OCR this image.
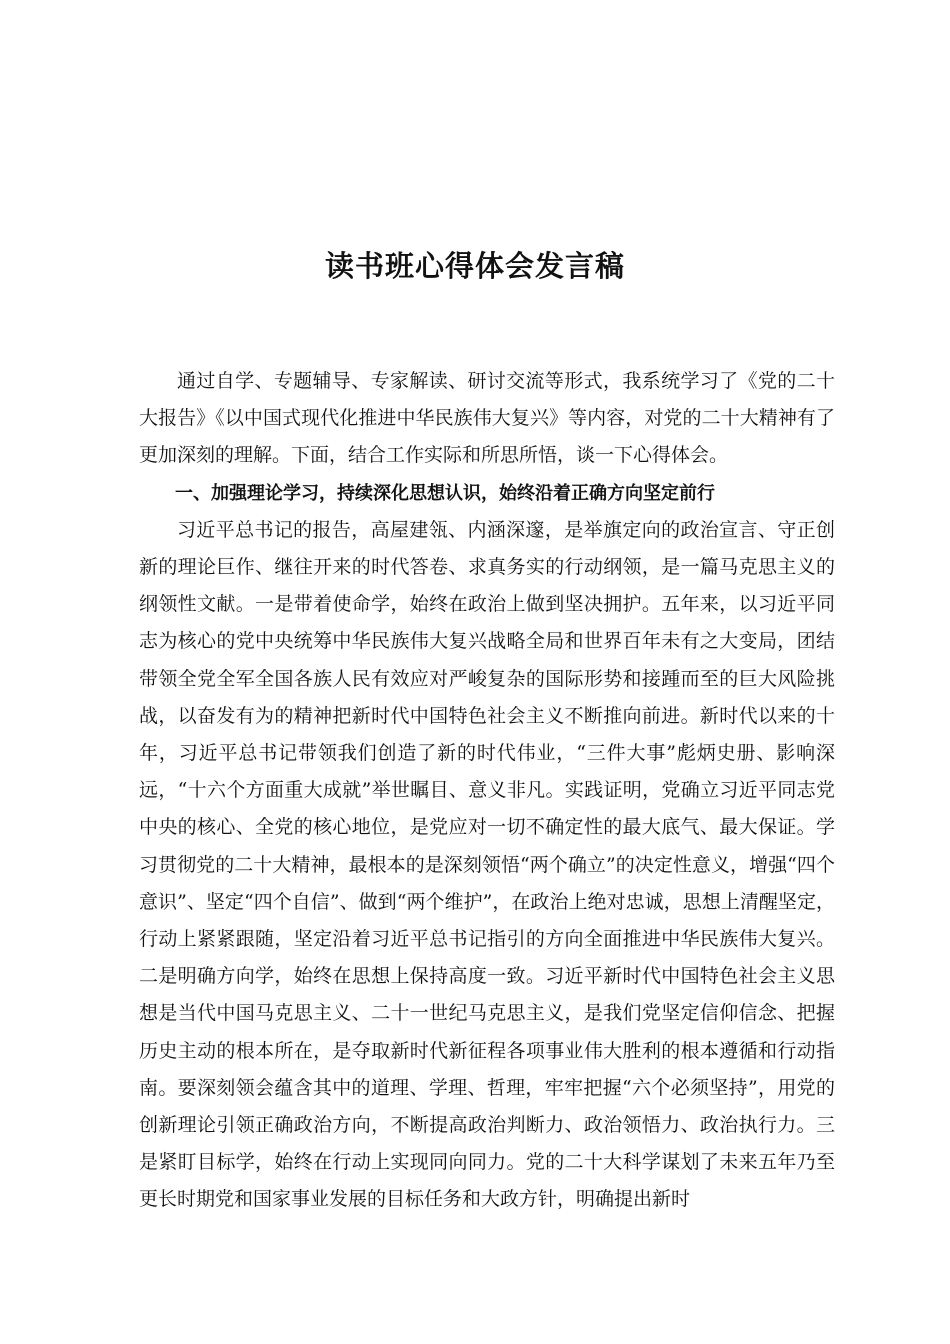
读书班心得体会发言稿

通过自学、专题辅导、专家解读、研讨交流等形式，我系统学习了《党的二十大报告》《以中国式现代化推进中华民族伟大复兴》等内容，对党的二十大精神有了更加深刻的理解。下面，结合工作实际和所思所悟，谈一下心得体会。

一、加强理论学习，持续深化思想认识，始终沿着正确方向坚定前行

习近平总书记的报告，高屋建瓴、内涵深邃，是举旗定向的政治宣言、守正创新的理论巨作、继往开来的时代答卷、求真务实的行动纲领，是一篇马克思主义的纲领性文献。一是带着使命学，始终在政治上做到坚决拥护。五年来，以习近平同志为核心的党中央统筹中华民族伟大复兴战略全局和世界百年未有之大变局，团结带领全党全军全国各族人民有效应对严峻复杂的国际形势和接踵而至的巨大风险挑战，以奋发有为的精神把新时代中国特色社会主义不断推向前进。新时代以来的十年，习近平总书记带领我们创造了新的时代伟业，“三件大事”彪炳史册、影响深远，“十六个方面重大成就”举世瞩目、意义非凡。实践证明，党确立习近平同志党中央的核心、全党的核心地位，是党应对一切不确定性的最大底气、最大保证。学习贯彻党的二十大精神，最根本的是深刻领悟“两个确立”的决定性意义，增强“四个意识”、坚定“四个自信”、做到“两个维护”，在政治上绝对忠诚，思想上清醒坚定，行动上紧紧跟随，坚定沿着习近平总书记指引的方向全面推进中华民族伟大复兴。二是明确方向学，始终在思想上保持高度一致。习近平新时代中国特色社会主义思想是当代中国马克思主义、二十一世纪马克思主义，是我们党坚定信仰信念、把握历史主动的根本所在，是夺取新时代新征程各项事业伟大胜利的根本遵循和行动指南。要深刻领会蕴含其中的道理、学理、哲理，牢牢把握“六个必须坚持”，用党的创新理论引领正确政治方向，不断提高政治判断力、政治领悟力、政治执行力。三是紧盯目标学，始终在行动上实现同向同力。党的二十大科学谋划了未来五年乃至更长时期党和国家事业发展的目标任务和大政方针，明确提出新时
